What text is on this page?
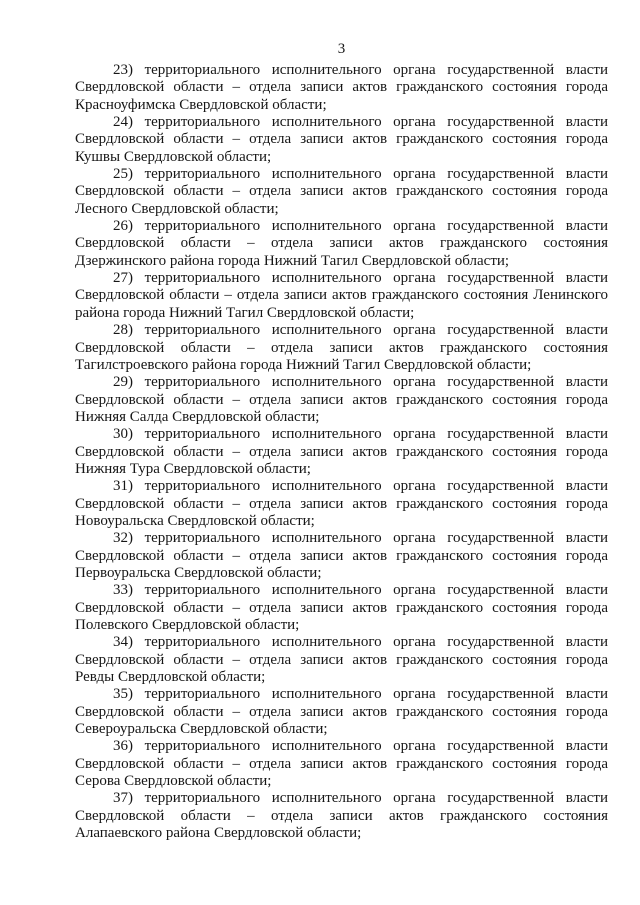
3

23) территориального исполнительного органа государственной власти Свердловской области – отдела записи актов гражданского состояния города Красноуфимска Свердловской области;

24) территориального исполнительного органа государственной власти Свердловской области – отдела записи актов гражданского состояния города Кушвы Свердловской области;

25) территориального исполнительного органа государственной власти Свердловской области – отдела записи актов гражданского состояния города Лесного Свердловской области;

26) территориального исполнительного органа государственной власти Свердловской области – отдела записи актов гражданского состояния Дзержинского района города Нижний Тагил Свердловской области;

27) территориального исполнительного органа государственной власти Свердловской области – отдела записи актов гражданского состояния Ленинского района города Нижний Тагил Свердловской области;

28) территориального исполнительного органа государственной власти Свердловской области – отдела записи актов гражданского состояния Тагилстроевского района города Нижний Тагил Свердловской области;

29) территориального исполнительного органа государственной власти Свердловской области – отдела записи актов гражданского состояния города Нижняя Салда Свердловской области;

30) территориального исполнительного органа государственной власти Свердловской области – отдела записи актов гражданского состояния города Нижняя Тура Свердловской области;

31) территориального исполнительного органа государственной власти Свердловской области – отдела записи актов гражданского состояния города Новоуральска Свердловской области;

32) территориального исполнительного органа государственной власти Свердловской области – отдела записи актов гражданского состояния города Первоуральска Свердловской области;

33) территориального исполнительного органа государственной власти Свердловской области – отдела записи актов гражданского состояния города Полевского Свердловской области;

34) территориального исполнительного органа государственной власти Свердловской области – отдела записи актов гражданского состояния города Ревды Свердловской области;

35) территориального исполнительного органа государственной власти Свердловской области – отдела записи актов гражданского состояния города Североуральска Свердловской области;

36) территориального исполнительного органа государственной власти Свердловской области – отдела записи актов гражданского состояния города Серова Свердловской области;

37) территориального исполнительного органа государственной власти Свердловской области – отдела записи актов гражданского состояния Алапаевского района Свердловской области;
